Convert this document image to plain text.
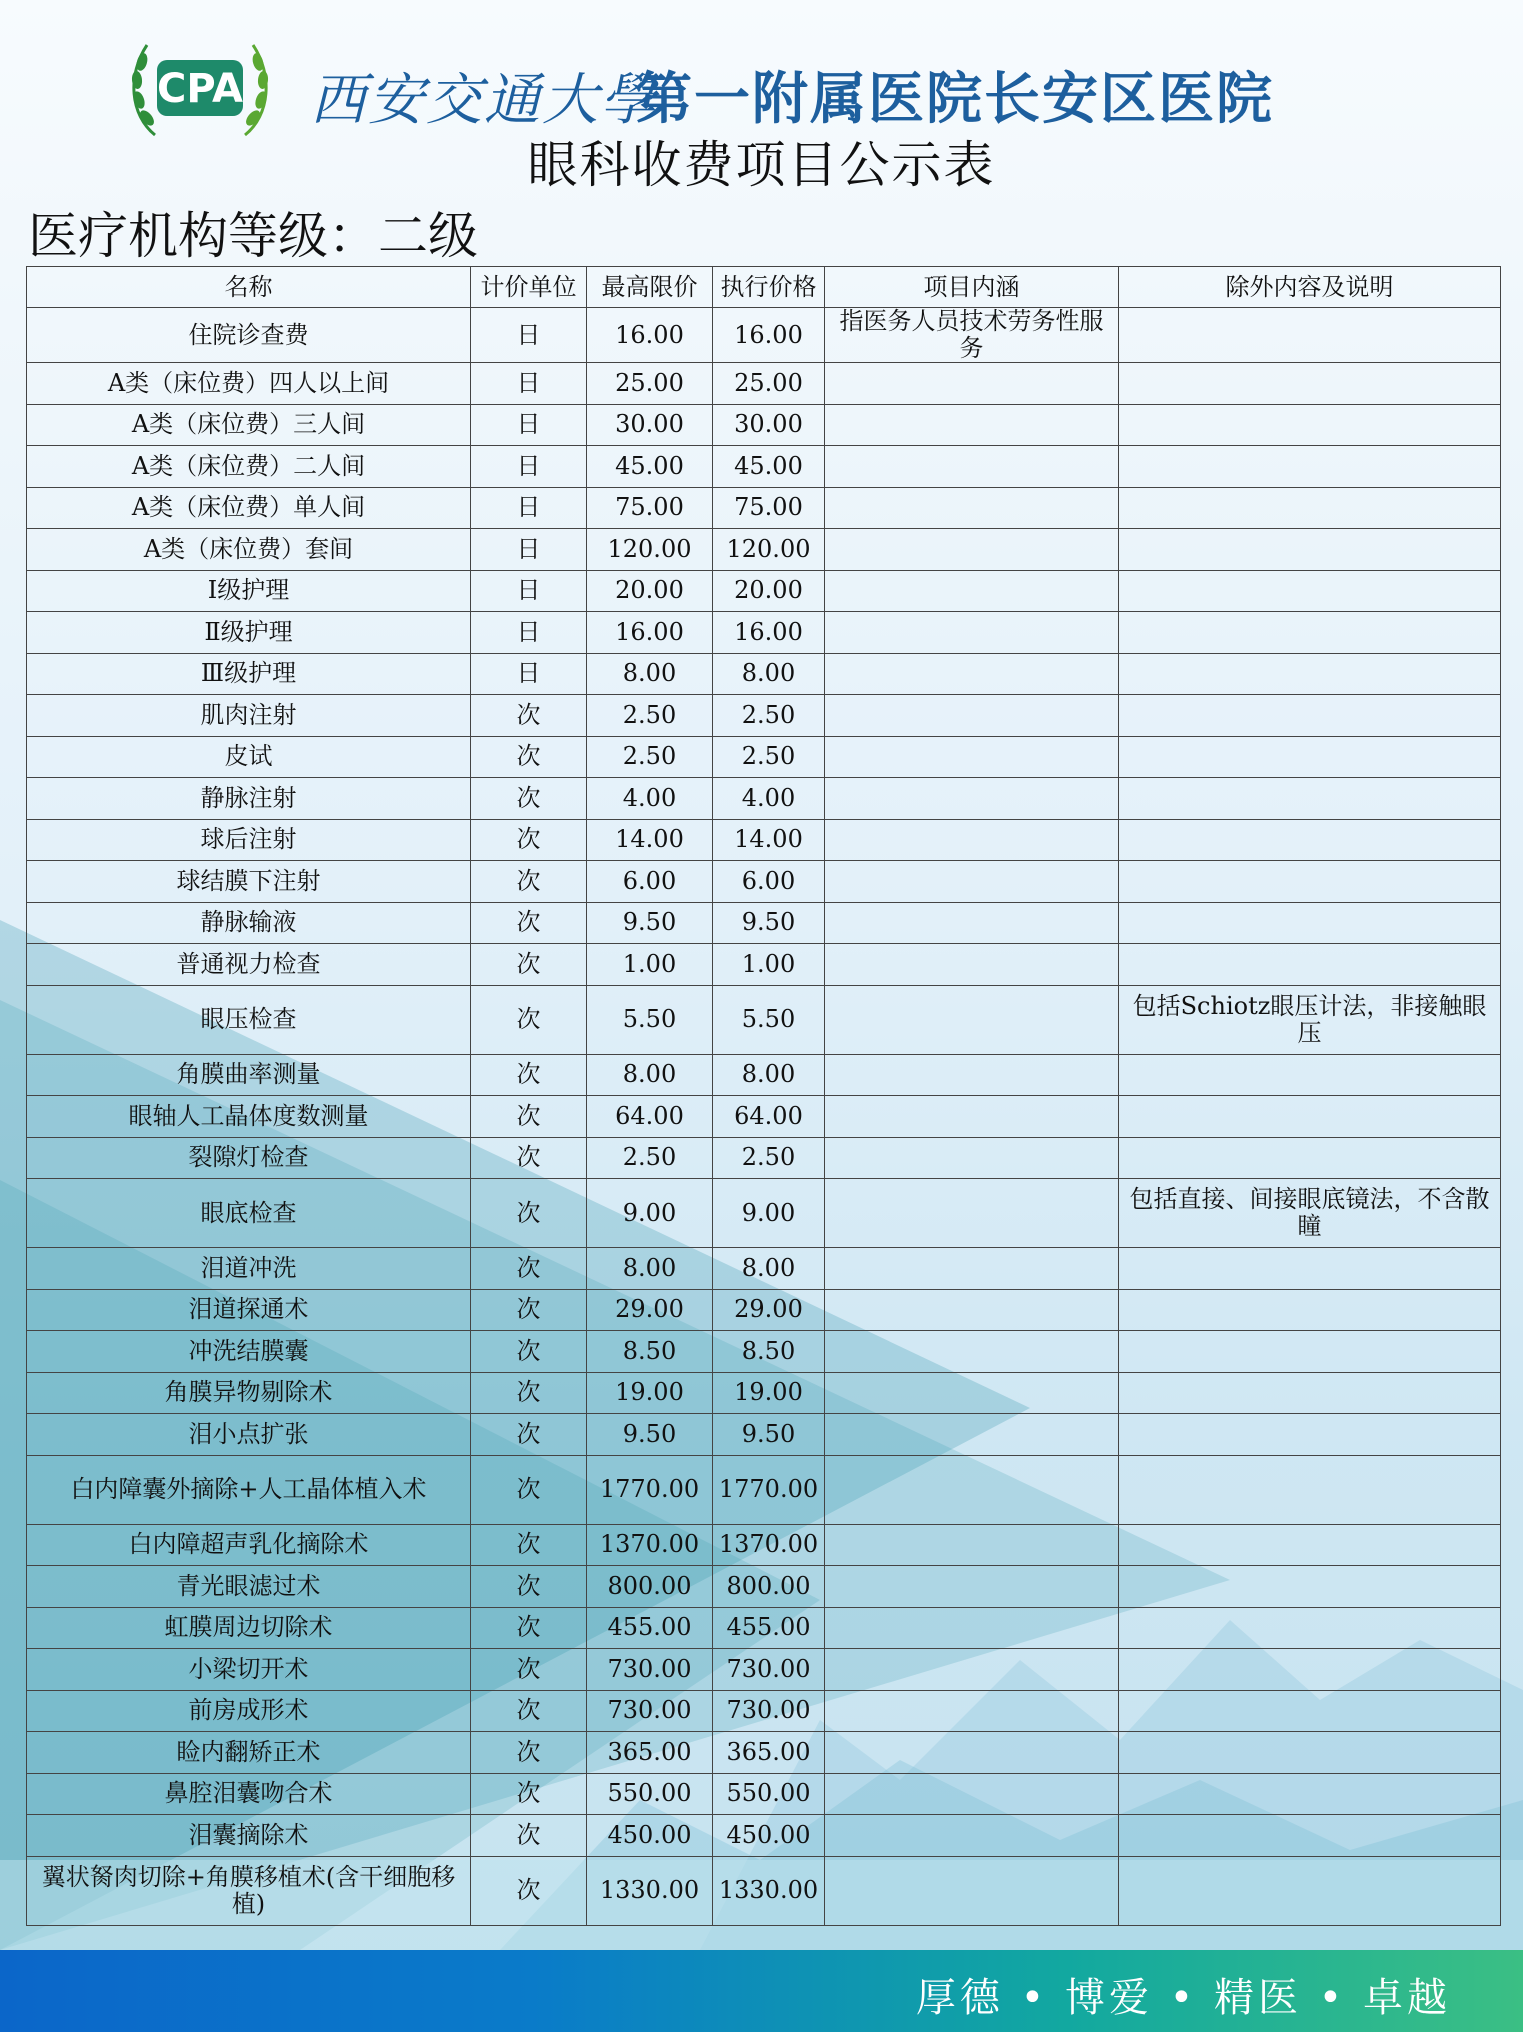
CPA 西安交通大學
第一附属医院长安区医院
眼科收费项目公示表
医疗机构等级：二级
名称	计价单位	最高限价	执行价格	项目内涵	除外内容及说明
住院诊查费	日	16.00	16.00	指医务人员技术劳务性服务	
A类（床位费）四人以上间	日	25.00	25.00		
A类（床位费）三人间	日	30.00	30.00		
A类（床位费）二人间	日	45.00	45.00		
A类（床位费）单人间	日	75.00	75.00		
A类（床位费）套间	日	120.00	120.00		
Ⅰ级护理	日	20.00	20.00		
Ⅱ级护理	日	16.00	16.00		
Ⅲ级护理	日	8.00	8.00		
肌肉注射	次	2.50	2.50		
皮试	次	2.50	2.50		
静脉注射	次	4.00	4.00		
球后注射	次	14.00	14.00		
球结膜下注射	次	6.00	6.00		
静脉输液	次	9.50	9.50		
普通视力检查	次	1.00	1.00		
眼压检查	次	5.50	5.50		包括Schiotz眼压计法，非接触眼压
角膜曲率测量	次	8.00	8.00		
眼轴人工晶体度数测量	次	64.00	64.00		
裂隙灯检查	次	2.50	2.50		
眼底检查	次	9.00	9.00		包括直接、间接眼底镜法，不含散瞳
泪道冲洗	次	8.00	8.00		
泪道探通术	次	29.00	29.00		
冲洗结膜囊	次	8.50	8.50		
角膜异物剔除术	次	19.00	19.00		
泪小点扩张	次	9.50	9.50		
白内障囊外摘除+人工晶体植入术	次	1770.00	1770.00		
白内障超声乳化摘除术	次	1370.00	1370.00		
青光眼滤过术	次	800.00	800.00		
虹膜周边切除术	次	455.00	455.00		
小梁切开术	次	730.00	730.00		
前房成形术	次	730.00	730.00		
睑内翻矫正术	次	365.00	365.00		
鼻腔泪囊吻合术	次	550.00	550.00		
泪囊摘除术	次	450.00	450.00		
翼状胬肉切除+角膜移植术(含干细胞移植)	次	1330.00	1330.00		
厚德 • 博爱 • 精医 • 卓越
